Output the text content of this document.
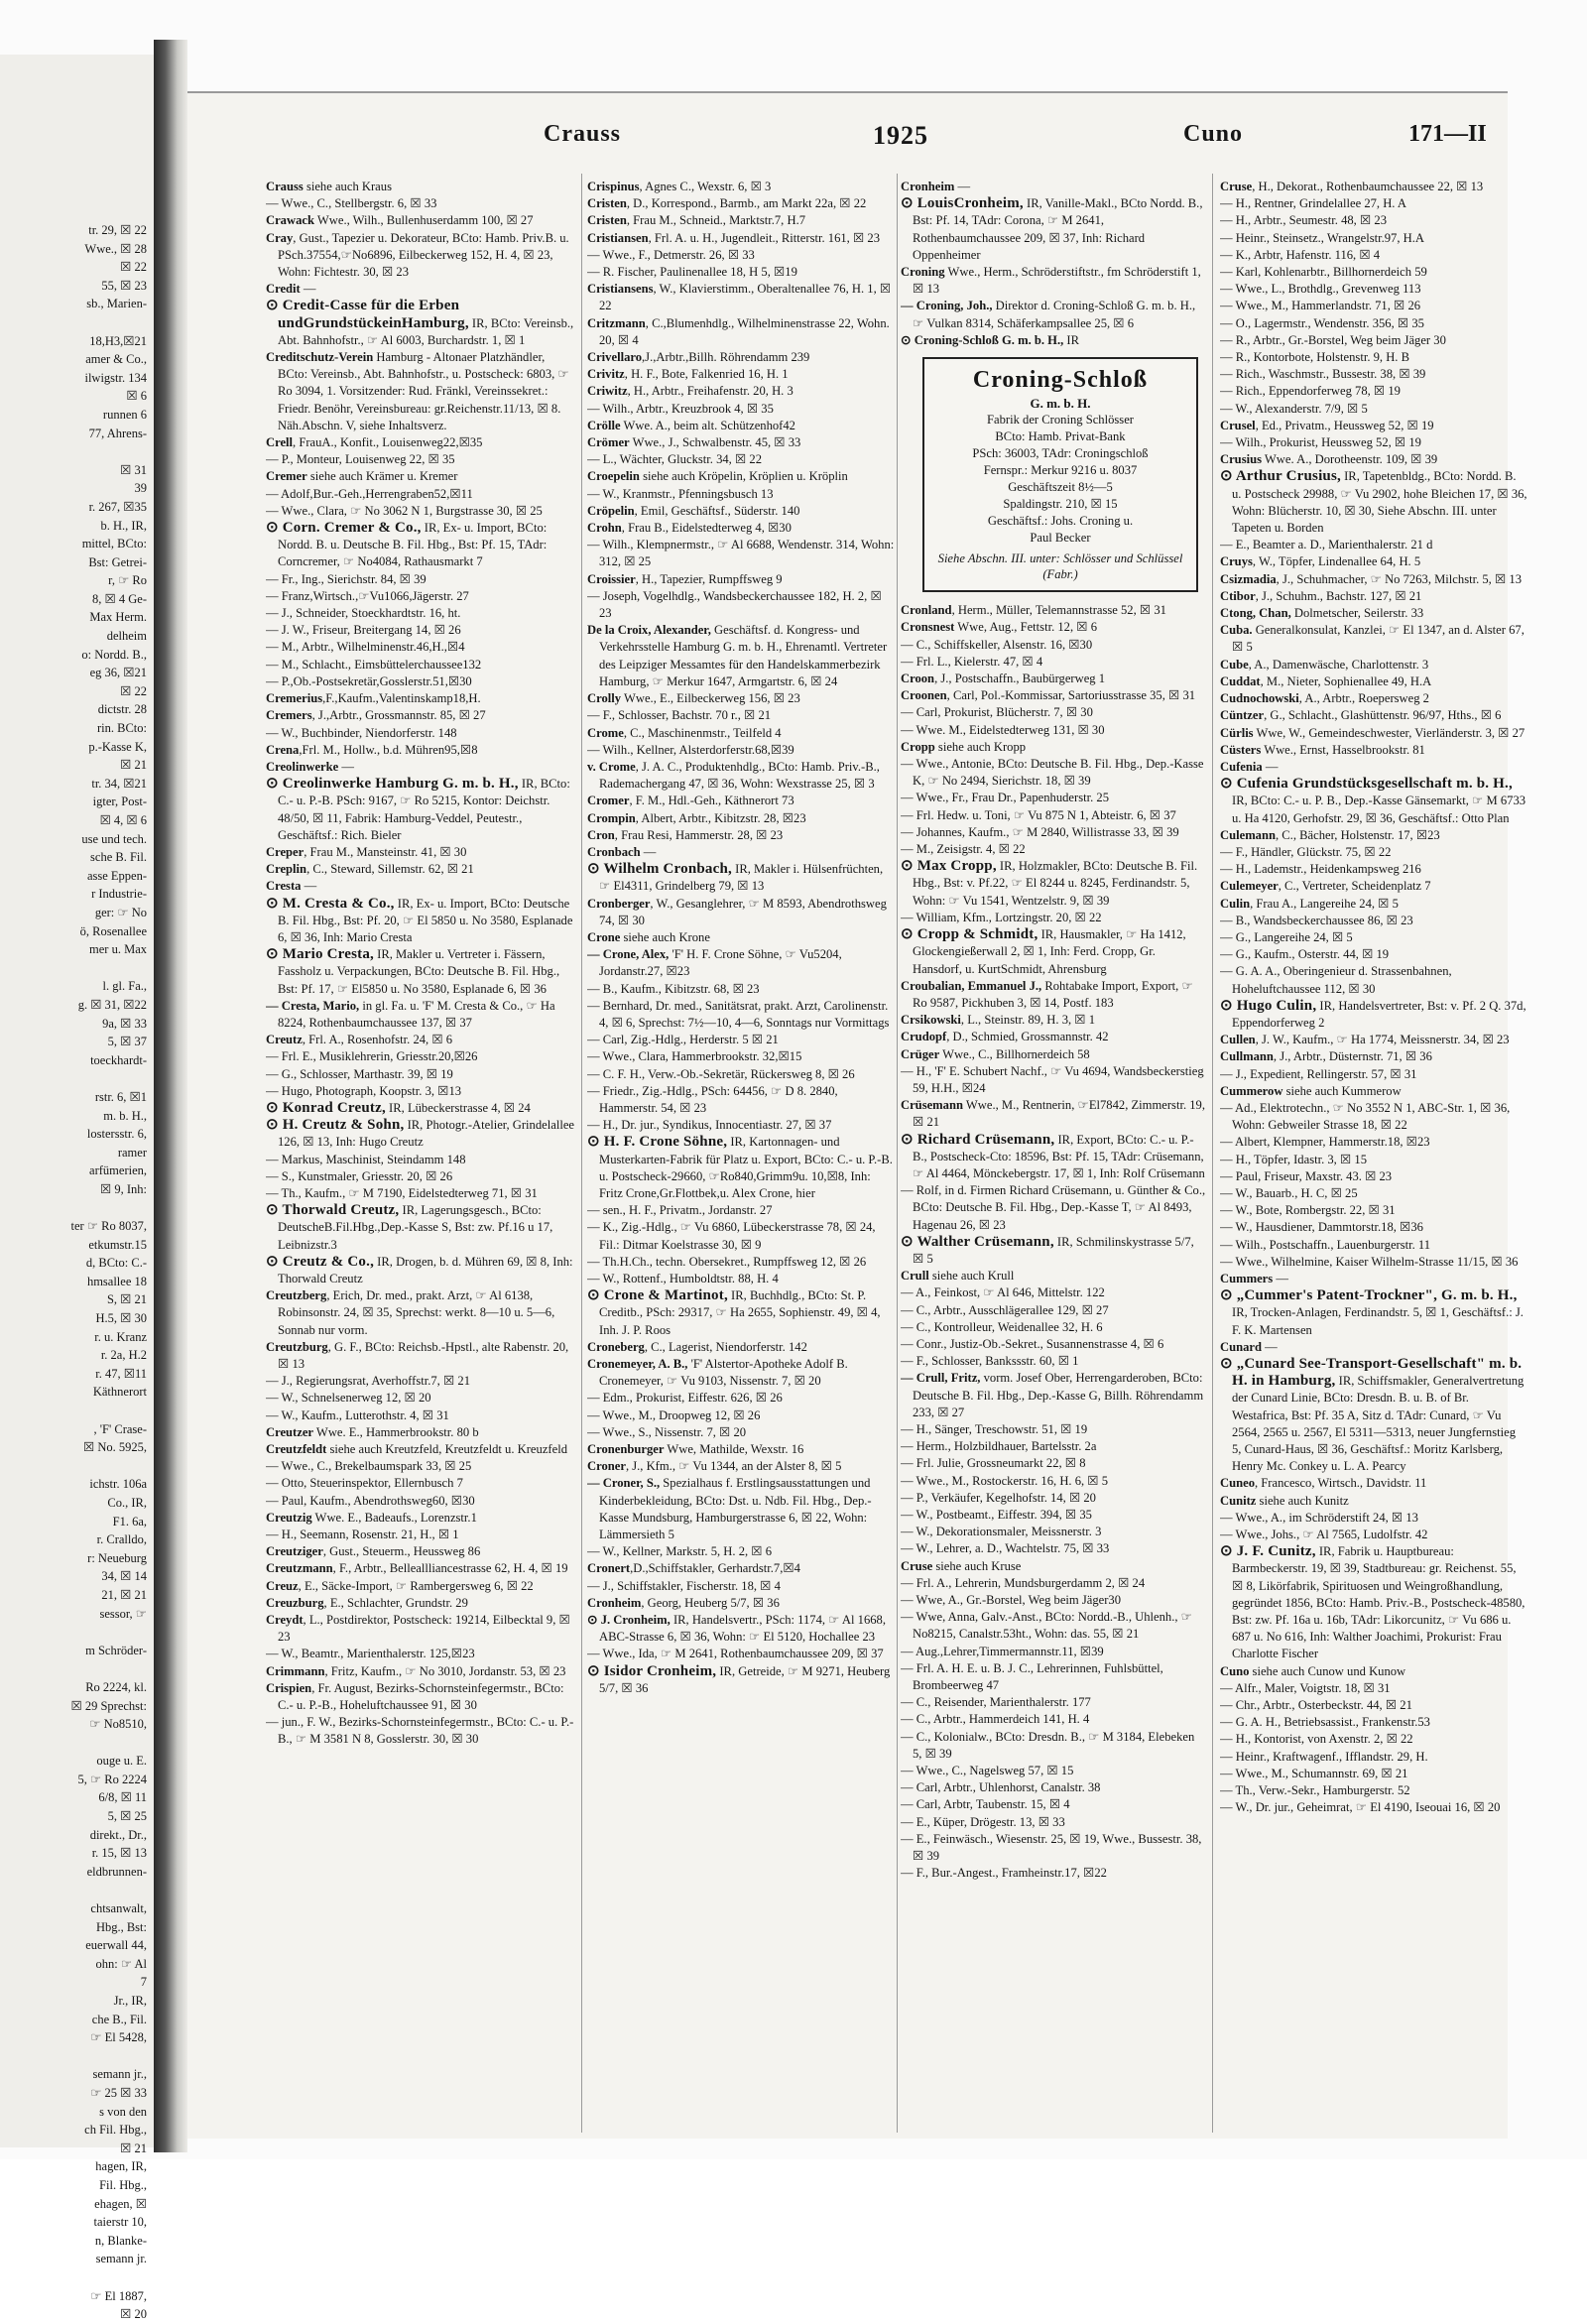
tr. 29, ☒ 22
Wwe., ☒ 28
☒ 22
55, ☒ 23
sb., Marien-
18,H3,☒21
amer & Co.,
ilwigstr. 134
☒ 6
runnen 6
77, Ahrens-
☒ 31
39
r. 267, ☒35
b. H., IR,
mittel, BCto:
Bst: Getrei-
r, ☞ Ro
8, ☒ 4 Ge-
Max Herm.
delheim
o: Nordd. B.,
eg 36, ☒21
☒ 22
dictstr. 28
rin. BCto:
p.-Kasse K,
☒ 21
tr. 34, ☒21
igter, Post-
☒ 4, ☒ 6
use und tech.
sche B. Fil.
asse Eppen-
r Industrie-
ger: ☞ No
ö, Rosenallee
mer u. Max
l. gl. Fa.,
g. ☒ 31, ☒22
9a, ☒ 33
5, ☒ 37
toeckhardt-
rstr. 6, ☒1
m. b. H.,
lostersstr. 6,
ramer
arfümerien,
☒ 9, Inh:
ter ☞ Ro 8037,
etkumstr.15
d, BCto: C.-
hmsallee 18
S, ☒ 21
H.5, ☒ 30
r. u. Kranz
r. 2a, H.2
r. 47, ☒11
Käthnerort
, 'F' Crase-
☒ No. 5925,
ichstr. 106a
Co., IR,
F1. 6a,
r. Cralldo,
r: Neueburg
34, ☒ 14
21, ☒ 21
sessor, ☞
m Schröder-
Ro 2224, kl.
☒ 29 Sprechst:
☞ No8510,
ouge u. E.
5, ☞ Ro 2224
6/8, ☒ 11
5, ☒ 25
direkt., Dr.,
r. 15, ☒ 13
eldbrunnen-
chtsanwalt,
Hbg., Bst:
euerwall 44,
ohn: ☞ Al
7
Jr., IR,
che B., Fil.
☞ El 5428,
semann jr.,
☞ 25 ☒ 33
s von den
ch Fil. Hbg.,
☒ 21
hagen, IR,
Fil. Hbg.,
ehagen, ☒
taierstr 10,
n, Blanke-
semann jr.
☞ El 1887,
☒ 20
Crauss	1925	Cuno	171—II
Crauss siehe auch Kraus
— Wwe., C., Stellbergstr. 6, ☒ 33
Crawack Wwe., Wilh., Bullenhuserdamm 100, ☒ 27
Cray, Gust., Tapezier u. Dekorateur, BCto: Hamb. Priv.B. u. PSch.37554,☞No6896, Eilbeckerweg 152, H. 4, ☒ 23, Wohn: Fichtestr. 30, ☒ 23
Credit —
⊙ Credit-Casse für die Erben undGrundstückeinHamburg, IR, BCto: Vereinsb., Abt. Bahnhofstr., ☞ Al 6003, Burchardstr. 1, ☒ 1
Creditschutz-Verein Hamburg - Altonaer Platzhändler, BCto: Vereinsb., Abt. Bahnhofstr., u. Postscheck: 6803, ☞ Ro 3094, 1. Vorsitzender: Rud. Fränkl, Vereinssekret.: Friedr. Benöhr, Vereinsbureau: gr.Reichenstr.11/13, ☒ 8. Näh.Abschn. V, siehe Inhaltsverz.
Crell, FrauA., Konfit., Louisenweg22,☒35
— P., Monteur, Louisenweg 22, ☒ 35
Cremer siehe auch Krämer u. Kremer
— Adolf,Bur.-Geh.,Herrengraben52,☒11
— Wwe., Clara, ☞ No 3062 N 1, Burgstrasse 30, ☒ 25
⊙ Corn. Cremer & Co., IR, Ex- u. Import, BCto: Nordd. B. u. Deutsche B. Fil. Hbg., Bst: Pf. 15, TAdr: Corncremer, ☞ No4084, Rathausmarkt 7
— Fr., Ing., Sierichstr. 84, ☒ 39
— Franz,Wirtsch.,☞Vu1066,Jägerstr. 27
— J., Schneider, Stoeckhardtstr. 16, ht.
— J. W., Friseur, Breitergang 14, ☒ 26
— M., Arbtr., Wilhelminenstr.46,H.,☒4
— M., Schlacht., Eimsbüttelerchaussee132
— P.,Ob.-Postsekretär,Gosslerstr.51,☒30
Cremerius,F.,Kaufm.,Valentinskamp18,H.
Cremers, J.,Arbtr., Grossmannstr. 85, ☒ 27
— W., Buchbinder, Niendorferstr. 148
Crena,Frl. M., Hollw., b.d. Mühren95,☒8
Creolinwerke —
⊙ Creolinwerke Hamburg G. m. b. H., IR, BCto: C.- u. P.-B. PSch: 9167, ☞ Ro 5215, Kontor: Deichstr. 48/50, ☒ 11, Fabrik: Hamburg-Veddel, Peutestr., Geschäftsf.: Rich. Bieler
Creper, Frau M., Mansteinstr. 41, ☒ 30
Creplin, C., Steward, Sillemstr. 62, ☒ 21
Cresta —
⊙ M. Cresta & Co., IR, Ex- u. Import, BCto: Deutsche B. Fil. Hbg., Bst: Pf. 20, ☞ El 5850 u. No 3580, Esplanade 6, ☒ 36, Inh: Mario Cresta
⊙ Mario Cresta, IR, Makler u. Vertreter i. Fässern, Fassholz u. Verpackungen, BCto: Deutsche B. Fil. Hbg., Bst: Pf. 17, ☞ El5850 u. No 3580, Esplanade 6, ☒ 36
— Cresta, Mario, in gl. Fa. u. 'F' M. Cresta & Co., ☞ Ha 8224, Rothenbaumchaussee 137, ☒ 37
Creutz, Frl. A., Rosenhofstr. 24, ☒ 6
— Frl. E., Musiklehrerin, Griesstr.20,☒26
— G., Schlosser, Marthastr. 39, ☒ 19
— Hugo, Photograph, Koopstr. 3, ☒13
⊙ Konrad Creutz, IR, Lübeckerstrasse 4, ☒ 24
⊙ H. Creutz & Sohn, IR, Photogr.-Atelier, Grindelallee 126, ☒ 13, Inh: Hugo Creutz
— Markus, Maschinist, Steindamm 148
— S., Kunstmaler, Griesstr. 20, ☒ 26
— Th., Kaufm., ☞ M 7190, Eidelstedterweg 71, ☒ 31
⊙ Thorwald Creutz, IR, Lagerungsgesch., BCto: DeutscheB.Fil.Hbg.,Dep.-Kasse S, Bst: zw. Pf.16 u 17, Leibnizstr.3
⊙ Creutz & Co., IR, Drogen, b. d. Mühren 69, ☒ 8, Inh: Thorwald Creutz
Creutzberg, Erich, Dr. med., prakt. Arzt, ☞ Al 6138, Robinsonstr. 24, ☒ 35, Sprechst: werkt. 8—10 u. 5—6, Sonnab nur vorm.
Creutzburg, G. F., BCto: Reichsb.-Hpstl., alte Rabenstr. 20, ☒ 13
— J., Regierungsrat, Averhoffstr.7, ☒ 21
— W., Schnelsenerweg 12, ☒ 20
— W., Kaufm., Lutterothstr. 4, ☒ 31
Creutzer Wwe. E., Hammerbrookstr. 80 b
Creutzfeldt siehe auch Kreutzfeld, Kreutzfeldt u. Kreuzfeld
— Wwe., C., Brekelbaumspark 33, ☒ 25
— Otto, Steuerinspektor, Ellernbusch 7
— Paul, Kaufm., Abendrothsweg60, ☒30
Creutzig Wwe. E., Badeaufs., Lorenzstr.1
— H., Seemann, Rosenstr. 21, H., ☒ 1
Creutziger, Gust., Steuerm., Heussweg 86
Creutzmann, F., Arbtr., Belleallliancestrasse 62, H. 4, ☒ 19
Creuz, E., Säcke-Import, ☞ Rambergersweg 6, ☒ 22
Creuzburg, E., Schlachter, Grundstr. 29
Creydt, L., Postdirektor, Postscheck: 19214, Eilbecktal 9, ☒ 23
— W., Beamtr., Marienthalerstr. 125,☒23
Crimmann, Fritz, Kaufm., ☞ No 3010, Jordanstr. 53, ☒ 23
Crispien, Fr. August, Bezirks-Schornsteinfegermstr., BCto: C.- u. P.-B., Hoheluftchaussee 91, ☒ 30
— jun., F. W., Bezirks-Schornsteinfegermstr., BCto: C.- u. P.-B., ☞ M 3581 N 8, Gosslerstr. 30, ☒ 30
Crispinus, Agnes C., Wexstr. 6, ☒ 3
Cristen, D., Korrespond., Barmb., am Markt 22a, ☒ 22
Cristen, Frau M., Schneid., Marktstr.7, H.7
Cristiansen, Frl. A. u. H., Jugendleit., Ritterstr. 161, ☒ 23
— Wwe., F., Detmerstr. 26, ☒ 33
— R. Fischer, Paulinenallee 18, H 5, ☒19
Cristiansens, W., Klavierstimm., Oberaltenallee 76, H. 1, ☒ 22
Critzmann, C.,Blumenhdlg., Wilhelminenstrasse 22, Wohn. 20, ☒ 4
Crivellaro,J.,Arbtr.,Billh. Röhrendamm 239
Crivitz, H. F., Bote, Falkenried 16, H. 1
Criwitz, H., Arbtr., Freihafenstr. 20, H. 3
— Wilh., Arbtr., Kreuzbrook 4, ☒ 35
Crölle Wwe. A., beim alt. Schützenhof42
Crömer Wwe., J., Schwalbenstr. 45, ☒ 33
— L., Wächter, Gluckstr. 34, ☒ 22
Croepelin siehe auch Kröpelin, Kröplien u. Kröplin
— W., Kranmstr., Pfenningsbusch 13
Cröpelin, Emil, Geschäftsf., Süderstr. 140
Crohn, Frau B., Eidelstedterweg 4, ☒30
— Wilh., Klempnermstr., ☞ Al 6688, Wendenstr. 314, Wohn: 312, ☒ 25
Croissier, H., Tapezier, Rumpffsweg 9
— Joseph, Vogelhdlg., Wandsbeckerchaussee 182, H. 2, ☒ 23
De la Croix, Alexander, Geschäftsf. d. Kongress- und Verkehrsstelle Hamburg G. m. b. H., Ehrenamtl. Vertreter des Leipziger Messamtes für den Handelskammerbezirk Hamburg, ☞ Merkur 1647, Armgartstr. 6, ☒ 24
Crolly Wwe., E., Eilbeckerweg 156, ☒ 23
— F., Schlosser, Bachstr. 70 r., ☒ 21
Crome, C., Maschinenmstr., Teilfeld 4
— Wilh., Kellner, Alsterdorferstr.68,☒39
v. Crome, J. A. C., Produktenhdlg., BCto: Hamb. Priv.-B., Rademachergang 47, ☒ 36, Wohn: Wexstrasse 25, ☒ 3
Cromer, F. M., Hdl.-Geh., Käthnerort 73
Crompin, Albert, Arbtr., Kibitzstr. 28, ☒23
Cron, Frau Resi, Hammerstr. 28, ☒ 23
Cronbach —
⊙ Wilhelm Cronbach, IR, Makler i. Hülsenfrüchten, ☞ El4311, Grindelberg 79, ☒ 13
Cronberger, W., Gesanglehrer, ☞ M 8593, Abendrothsweg 74, ☒ 30
Crone siehe auch Krone
— Crone, Alex, 'F' H. F. Crone Söhne, ☞ Vu5204, Jordanstr.27, ☒23
— B., Kaufm., Kibitzstr. 68, ☒ 23
— Bernhard, Dr. med., Sanitätsrat, prakt. Arzt, Carolinenstr. 4, ☒ 6, Sprechst: 7½—10, 4—6, Sonntags nur Vormittags
— Carl, Zig.-Hdlg., Herderstr. 5 ☒ 21
— Wwe., Clara, Hammerbrookstr. 32,☒15
— C. F. H., Verw.-Ob.-Sekretär, Rückersweg 8, ☒ 26
— Friedr., Zig.-Hdlg., PSch: 64456, ☞ D 8. 2840, Hammerstr. 54, ☒ 23
— H., Dr. jur., Syndikus, Innocentiastr. 27, ☒ 37
⊙ H. F. Crone Söhne, IR, Kartonnagen- und Musterkarten-Fabrik für Platz u. Export, BCto: C.- u. P.-B. u. Postscheck-29660, ☞Ro840,Grimm9u. 10,☒8, Inh: Fritz Crone,Gr.Flottbek,u. Alex Crone, hier
— sen., H. F., Privatm., Jordanstr. 27
— K., Zig.-Hdlg., ☞ Vu 6860, Lübeckerstrasse 78, ☒ 24, Fil.: Ditmar Koelstrasse 30, ☒ 9
— Th.H.Ch., techn. Obersekret., Rumpffsweg 12, ☒ 26
— W., Rottenf., Humboldtstr. 88, H. 4
⊙ Crone & Martinot, IR, Buchhdlg., BCto: St. P. Creditb., PSch: 29317, ☞ Ha 2655, Sophienstr. 49, ☒ 4, Inh. J. P. Roos
Croneberg, C., Lagerist, Niendorferstr. 142
Cronemeyer, A. B., 'F' Alstertor-Apotheke Adolf B. Cronemeyer, ☞ Vu 9103, Nissenstr. 7, ☒ 20
— Edm., Prokurist, Eiffestr. 626, ☒ 26
— Wwe., M., Droopweg 12, ☒ 26
— Wwe., S., Nissenstr. 7, ☒ 20
Cronenburger Wwe, Mathilde, Wexstr. 16
Croner, J., Kfm., ☞ Vu 1344, an der Alster 8, ☒ 5
— Croner, S., Spezialhaus f. Erstlingsausstattungen und Kinderbekleidung, BCto: Dst. u. Ndb. Fil. Hbg., Dep.-Kasse Mundsburg, Hamburgerstrasse 6, ☒ 22, Wohn: Lämmersieth 5
— W., Kellner, Markstr. 5, H. 2, ☒ 6
Cronert,D.,Schiffstakler, Gerhardstr.7,☒4
— J., Schiffstakler, Fischerstr. 18, ☒ 4
Cronheim, Georg, Heuberg 5/7, ☒ 36
⊙ J. Cronheim, IR, Handelsvertr., PSch: 1174, ☞ Al 1668, ABC-Strasse 6, ☒ 36, Wohn: ☞ El 5120, Hochallee 23
— Wwe., Ida, ☞ M 2641, Rothenbaumchaussee 209, ☒ 37
⊙ Isidor Cronheim, IR, Getreide, ☞ M 9271, Heuberg 5/7, ☒ 36
Cronheim —
⊙ LouisCronheim, IR, Vanille-Makl., BCto Nordd. B., Bst: Pf. 14, TAdr: Corona, ☞ M 2641, Rothenbaumchaussee 209, ☒ 37, Inh: Richard Oppenheimer
Croning Wwe., Herm., Schröderstiftstr., fm Schröderstift 1, ☒ 13
— Croning, Joh., Direktor d. Croning-Schloß G. m. b. H., ☞ Vulkan 8314, Schäferkampsallee 25, ☒ 6
⊙ Croning-Schloß G. m. b. H., IR
Croning-Schloß
G. m. b. H.
Fabrik der Croning Schlösser
BCto: Hamb. Privat-Bank
PSch: 36003, TAdr: Croningschloß
Fernspr.: Merkur 9216 u. 8037
Geschäftszeit 8½—5
Spaldingstr. 210, ☒ 15
Geschäftsf.: Johs. Croning u.
Paul Becker
Siehe Abschn. III. unter: Schlösser und Schlüssel (Fabr.)
Cronland, Herm., Müller, Telemannstrasse 52, ☒ 31
Cronsnest Wwe, Aug., Fettstr. 12, ☒ 6
— C., Schiffskeller, Alsenstr. 16, ☒30
— Frl. L., Kielerstr. 47, ☒ 4
Croon, J., Postschaffn., Baubürgerweg 1
Croonen, Carl, Pol.-Kommissar, Sartoriusstrasse 35, ☒ 31
— Carl, Prokurist, Blücherstr. 7, ☒ 30
— Wwe. M., Eidelstedterweg 131, ☒ 30
Cropp siehe auch Kropp
— Wwe., Antonie, BCto: Deutsche B. Fil. Hbg., Dep.-Kasse K, ☞ No 2494, Sierichstr. 18, ☒ 39
— Wwe., Fr., Frau Dr., Papenhuderstr. 25
— Frl. Hedw. u. Toni, ☞ Vu 875 N 1, Abteistr. 6, ☒ 37
— Johannes, Kaufm., ☞ M 2840, Willistrasse 33, ☒ 39
— M., Zeisigstr. 4, ☒ 22
⊙ Max Cropp, IR, Holzmakler, BCto: Deutsche B. Fil. Hbg., Bst: v. Pf.22, ☞ El 8244 u. 8245, Ferdinandstr. 5, Wohn: ☞ Vu 1541, Wentzelstr. 9, ☒ 39
— William, Kfm., Lortzingstr. 20, ☒ 22
⊙ Cropp & Schmidt, IR, Hausmakler, ☞ Ha 1412, Glockengießerwall 2, ☒ 1, Inh: Ferd. Cropp, Gr. Hansdorf, u. KurtSchmidt, Ahrensburg
Croubalian, Emmanuel J., Rohtabake Import, Export, ☞ Ro 9587, Pickhuben 3, ☒ 14, Postf. 183
Crsikowski, L., Steinstr. 89, H. 3, ☒ 1
Crudopf, D., Schmied, Grossmannstr. 42
Crüger Wwe., C., Billhornerdeich 58
— H., 'F' E. Schubert Nachf., ☞ Vu 4694, Wandsbeckerstieg 59, H.H., ☒24
Crüsemann Wwe., M., Rentnerin, ☞El7842, Zimmerstr. 19, ☒ 21
⊙ Richard Crüsemann, IR, Export, BCto: C.- u. P.-B., Postscheck-Cto: 18596, Bst: Pf. 15, TAdr: Crüsemann, ☞ Al 4464, Mönckebergstr. 17, ☒ 1, Inh: Rolf Crüsemann
— Rolf, in d. Firmen Richard Crüsemann, u. Günther & Co., BCto: Deutsche B. Fil. Hbg., Dep.-Kasse T, ☞ Al 8493, Hagenau 26, ☒ 23
⊙ Walther Crüsemann, IR, Schmilinskystrasse 5/7, ☒ 5
Crull siehe auch Krull
— A., Feinkost, ☞ Al 646, Mittelstr. 122
— C., Arbtr., Ausschlägerallee 129, ☒ 27
— C., Kontrolleur, Weidenallee 32, H. 6
— Conr., Justiz-Ob.-Sekret., Susannenstrasse 4, ☒ 6
— F., Schlosser, Bankssstr. 60, ☒ 1
— Crull, Fritz, vorm. Josef Ober, Herrengarderoben, BCto: Deutsche B. Fil. Hbg., Dep.-Kasse G, Billh. Röhrendamm 233, ☒ 27
— H., Sänger, Treschowstr. 51, ☒ 19
— Herm., Holzbildhauer, Bartelsstr. 2a
— Frl. Julie, Grossneumarkt 22, ☒ 8
— Wwe., M., Rostockerstr. 16, H. 6, ☒ 5
— P., Verkäufer, Kegelhofstr. 14, ☒ 20
— W., Postbeamt., Eiffestr. 394, ☒ 35
— W., Dekorationsmaler, Meissnerstr. 3
— W., Lehrer, a. D., Wachtelstr. 75, ☒ 33
Cruse siehe auch Kruse
— Frl. A., Lehrerin, Mundsburgerdamm 2, ☒ 24
— Wwe, A., Gr.-Borstel, Weg beim Jäger30
— Wwe, Anna, Galv.-Anst., BCto: Nordd.-B., Uhlenh., ☞No8215, Canalstr.53ht., Wohn: das. 55, ☒ 21
— Aug.,Lehrer,Timmermannstr.11, ☒39
— Frl. A. H. E. u. B. J. C., Lehrerinnen, Fuhlsbüttel, Brombeerweg 47
— C., Reisender, Marienthalerstr. 177
— C., Arbtr., Hammerdeich 141, H. 4
— C., Kolonialw., BCto: Dresdn. B., ☞ M 3184, Elebeken 5, ☒ 39
— Wwe., C., Nagelsweg 57, ☒ 15
— Carl, Arbtr., Uhlenhorst, Canalstr. 38
— Carl, Arbtr, Taubenstr. 15, ☒ 4
— E., Küper, Drögestr. 13, ☒ 33
— E., Feinwäsch., Wiesenstr. 25, ☒ 19, Wwe., Bussestr. 38, ☒ 39
— F., Bur.-Angest., Framheinstr.17, ☒22
Cruse, H., Dekorat., Rothenbaumchaussee 22, ☒ 13
— H., Rentner, Grindelallee 27, H. A
— H., Arbtr., Seumestr. 48, ☒ 23
— Heinr., Steinsetz., Wrangelstr.97, H.A
— K., Arbtr, Hafenstr. 116, ☒ 4
— Karl, Kohlenarbtr., Billhornerdeich 59
— Wwe., L., Brothdlg., Grevenweg 113
— Wwe., M., Hammerlandstr. 71, ☒ 26
— O., Lagermstr., Wendenstr. 356, ☒ 35
— R., Arbtr., Gr.-Borstel, Weg beim Jäger 30
— R., Kontorbote, Holstenstr. 9, H. B
— Rich., Waschmstr., Bussestr. 38, ☒ 39
— Rich., Eppendorferweg 78, ☒ 19
— W., Alexanderstr. 7/9, ☒ 5
Crusel, Ed., Privatm., Heussweg 52, ☒ 19
— Wilh., Prokurist, Heussweg 52, ☒ 19
Crusius Wwe. A., Dorotheenstr. 109, ☒ 39
⊙ Arthur Crusius, IR, Tapetenbldg., BCto: Nordd. B. u. Postscheck 29988, ☞ Vu 2902, hohe Bleichen 17, ☒ 36, Wohn: Blücherstr. 10, ☒ 30, Siehe Abschn. III. unter Tapeten u. Borden
— E., Beamter a. D., Marienthalerstr. 21 d
Cruys, W., Töpfer, Lindenallee 64, H. 5
Csizmadia, J., Schuhmacher, ☞ No 7263, Milchstr. 5, ☒ 13
Ctibor, J., Schuhm., Bachstr. 127, ☒ 21
Ctong, Chan, Dolmetscher, Seilerstr. 33
Cuba. Generalkonsulat, Kanzlei, ☞ El 1347, an d. Alster 67, ☒ 5
Cube, A., Damenwäsche, Charlottenstr. 3
Cuddat, M., Nieter, Sophienallee 49, H.A
Cudnochowski, A., Arbtr., Roepersweg 2
Cüntzer, G., Schlacht., Glashüttenstr. 96/97, Hths., ☒ 6
Cürlis Wwe, W., Gemeindeschwester, Vierländerstr. 3, ☒ 27
Cüsters Wwe., Ernst, Hasselbrookstr. 81
Cufenia —
⊙ Cufenia Grundstücksgesellschaft m. b. H., IR, BCto: C.- u. P. B., Dep.-Kasse Gänsemarkt, ☞ M 6733 u. Ha 4120, Gerhofstr. 29, ☒ 36, Geschäftsf.: Otto Plan
Culemann, C., Bächer, Holstenstr. 17, ☒23
— F., Händler, Glückstr. 75, ☒ 22
— H., Lademstr., Heidenkampsweg 216
Culemeyer, C., Vertreter, Scheidenplatz 7
Culin, Frau A., Langereihe 24, ☒ 5
— B., Wandsbeckerchaussee 86, ☒ 23
— G., Langereihe 24, ☒ 5
— G., Kaufm., Osterstr. 44, ☒ 19
— G. A. A., Oberingenieur d. Strassenbahnen, Hoheluftchaussee 112, ☒ 30
⊙ Hugo Culin, IR, Handelsvertreter, Bst: v. Pf. 2 Q. 37d, Eppendorferweg 2
Cullen, J. W., Kaufm., ☞ Ha 1774, Meissnerstr. 34, ☒ 23
Cullmann, J., Arbtr., Düsternstr. 71, ☒ 36
— J., Expedient, Rellingerstr. 57, ☒ 31
Cummerow siehe auch Kummerow
— Ad., Elektrotechn., ☞ No 3552 N 1, ABC-Str. 1, ☒ 36, Wohn: Gebweiler Strasse 18, ☒ 22
— Albert, Klempner, Hammerstr.18, ☒23
— H., Töpfer, Idastr. 3, ☒ 15
— Paul, Friseur, Maxstr. 43. ☒ 23
— W., Bauarb., H. C, ☒ 25
— W., Bote, Rombergstr. 22, ☒ 31
— W., Hausdiener, Dammtorstr.18, ☒36
— Wilh., Postschaffn., Lauenburgerstr. 11
— Wwe., Wilhelmine, Kaiser Wilhelm-Strasse 11/15, ☒ 36
Cummers —
⊙ „Cummer's Patent-Trockner", G. m. b. H., IR, Trocken-Anlagen, Ferdinandstr. 5, ☒ 1, Geschäftsf.: J. F. K. Martensen
Cunard —
⊙ „Cunard See-Transport-Gesellschaft" m. b. H. in Hamburg, IR, Schiffsmakler, Generalvertretung der Cunard Linie, BCto: Dresdn. B. u. B. of Br. Westafrica, Bst: Pf. 35 A, Sitz d. TAdr: Cunard, ☞ Vu 2564, 2565 u. 2567, El 5311—5313, neuer Jungfernstieg 5, Cunard-Haus, ☒ 36, Geschäftsf.: Moritz Karlsberg, Henry Mc. Conkey u. L. A. Pearcy
Cuneo, Francesco, Wirtsch., Davidstr. 11
Cunitz siehe auch Kunitz
— Wwe., A., im Schröderstift 24, ☒ 13
— Wwe., Johs., ☞ Al 7565, Ludolfstr. 42
⊙ J. F. Cunitz, IR, Fabrik u. Hauptbureau: Barmbeckerstr. 19, ☒ 39, Stadtbureau: gr. Reichenst. 55, ☒ 8, Likörfabrik, Spirituosen und Weingroßhandlung, gegründet 1856, BCto: Hamb. Priv.-B., Postscheck-48580, Bst: zw. Pf. 16a u. 16b, TAdr: Likorcunitz, ☞ Vu 686 u. 687 u. No 616, Inh: Walther Joachimi, Prokurist: Frau Charlotte Fischer
Cuno siehe auch Cunow und Kunow
— Alfr., Maler, Voigtstr. 18, ☒ 31
— Chr., Arbtr., Osterbeckstr. 44, ☒ 21
— G. A. H., Betriebsassist., Frankenstr.53
— H., Kontorist, von Axenstr. 2, ☒ 22
— Heinr., Kraftwagenf., Ifflandstr. 29, H.
— Wwe., M., Schumannstr. 69, ☒ 21
— Th., Verw.-Sekr., Hamburgerstr. 52
— W., Dr. jur., Geheimrat, ☞ El 4190, Iseouai 16, ☒ 20
